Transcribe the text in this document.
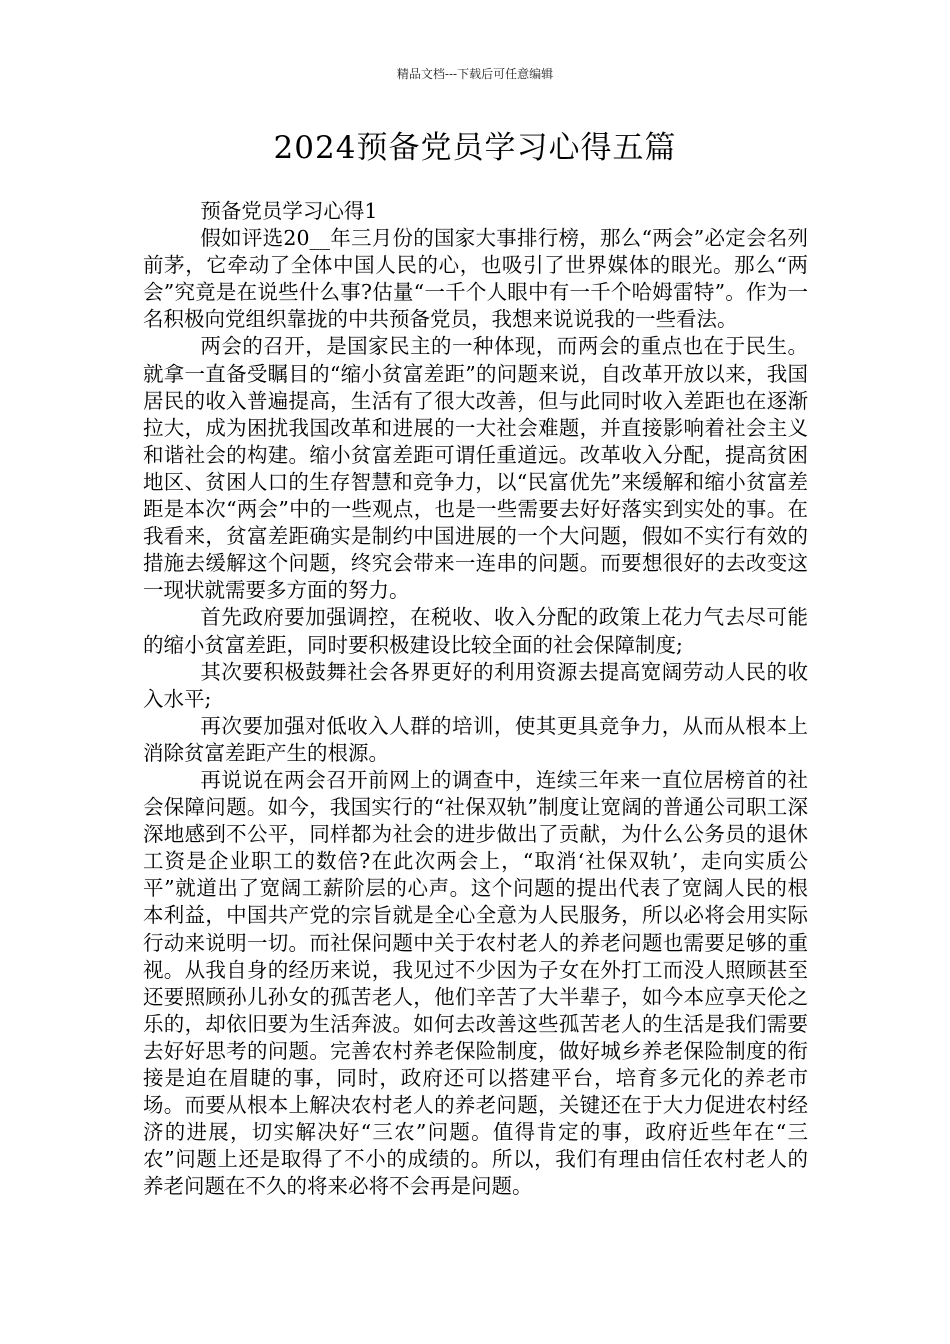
精品文档---下载后可任意编辑
2024预备党员学习心得五篇

预备党员学习心得1

假如评选20__年三月份的国家大事排行榜，那么“两会”必定会名列前茅，它牵动了全体中国人民的心，也吸引了世界媒体的眼光。那么“两会”究竟是在说些什么事?估量“一千个人眼中有一千个哈姆雷特”。作为一名积极向党组织靠拢的中共预备党员，我想来说说我的一些看法。

两会的召开，是国家民主的一种体现，而两会的重点也在于民生。就拿一直备受瞩目的“缩小贫富差距”的问题来说，自改革开放以来，我国居民的收入普遍提高，生活有了很大改善，但与此同时收入差距也在逐渐拉大，成为困扰我国改革和进展的一大社会难题，并直接影响着社会主义和谐社会的构建。缩小贫富差距可谓任重道远。改革收入分配，提高贫困地区、贫困人口的生存智慧和竞争力，以“民富优先”来缓解和缩小贫富差距是本次“两会”中的一些观点，也是一些需要去好好落实到实处的事。在我看来，贫富差距确实是制约中国进展的一个大问题，假如不实行有效的措施去缓解这个问题，终究会带来一连串的问题。而要想很好的去改变这一现状就需要多方面的努力。

首先政府要加强调控，在税收、收入分配的政策上花力气去尽可能的缩小贫富差距，同时要积极建设比较全面的社会保障制度;

其次要积极鼓舞社会各界更好的利用资源去提高宽阔劳动人民的收入水平;

再次要加强对低收入人群的培训，使其更具竞争力，从而从根本上消除贫富差距产生的根源。

再说说在两会召开前网上的调查中，连续三年来一直位居榜首的社会保障问题。如今，我国实行的“社保双轨”制度让宽阔的普通公司职工深深地感到不公平，同样都为社会的进步做出了贡献，为什么公务员的退休工资是企业职工的数倍?在此次两会上，“取消‘社保双轨’，走向实质公平”就道出了宽阔工薪阶层的心声。这个问题的提出代表了宽阔人民的根本利益，中国共产党的宗旨就是全心全意为人民服务，所以必将会用实际行动来说明一切。而社保问题中关于农村老人的养老问题也需要足够的重视。从我自身的经历来说，我见过不少因为子女在外打工而没人照顾甚至还要照顾孙儿孙女的孤苦老人，他们辛苦了大半辈子，如今本应享天伦之乐的，却依旧要为生活奔波。如何去改善这些孤苦老人的生活是我们需要去好好思考的问题。完善农村养老保险制度，做好城乡养老保险制度的衔接是迫在眉睫的事，同时，政府还可以搭建平台，培育多元化的养老市场。而要从根本上解决农村老人的养老问题，关键还在于大力促进农村经济的进展，切实解决好“三农”问题。值得肯定的事，政府近些年在“三农”问题上还是取得了不小的成绩的。所以，我们有理由信任农村老人的养老问题在不久的将来必将不会再是问题。
